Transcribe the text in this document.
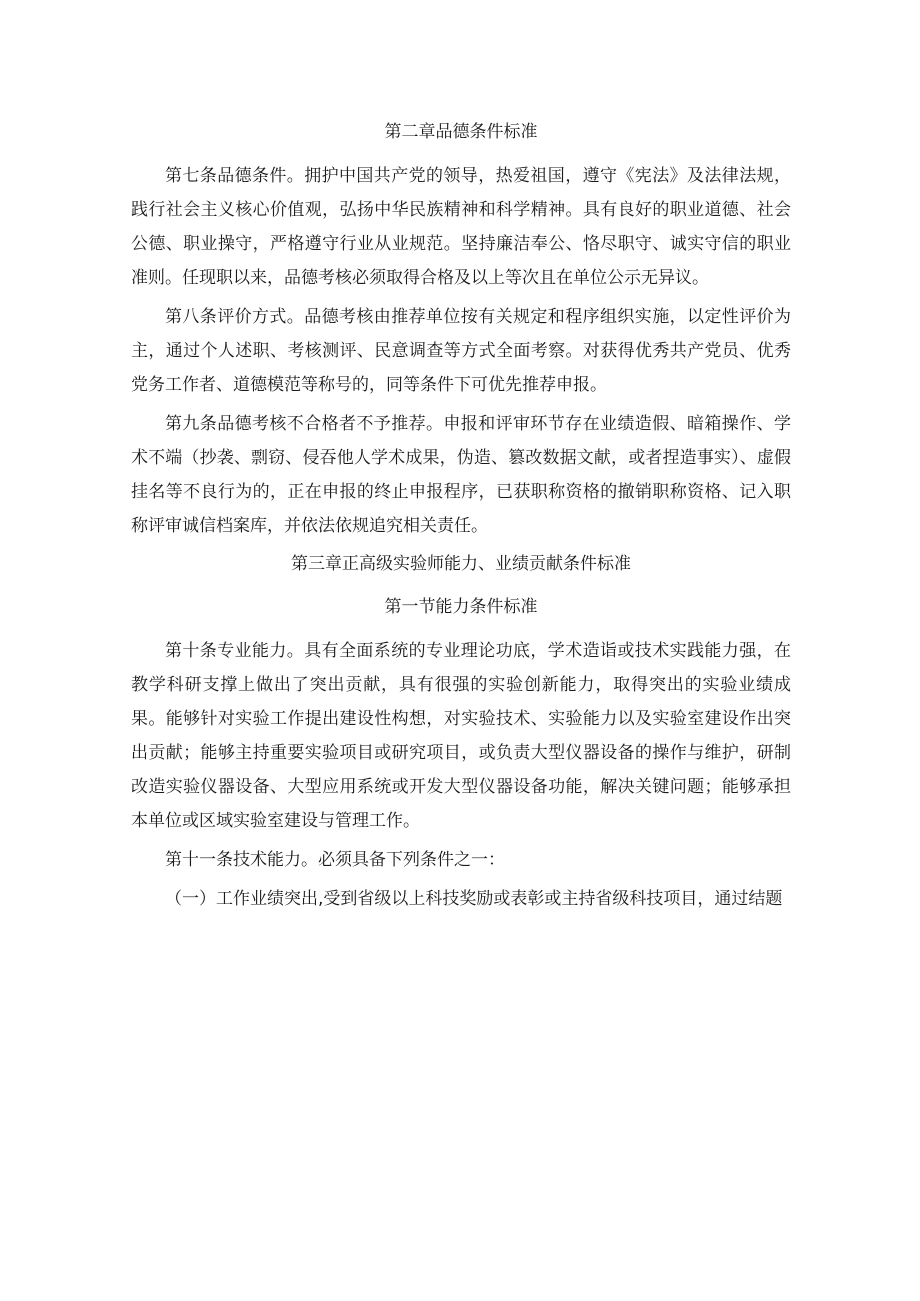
第二章品德条件标准

第七条品德条件。拥护中国共产党的领导，热爱祖国，遵守《宪法》及法律法规，践行社会主义核心价值观，弘扬中华民族精神和科学精神。具有良好的职业道德、社会公德、职业操守，严格遵守行业从业规范。坚持廉洁奉公、恪尽职守、诚实守信的职业准则。任现职以来，品德考核必须取得合格及以上等次且在单位公示无异议。

第八条评价方式。品德考核由推荐单位按有关规定和程序组织实施，以定性评价为主，通过个人述职、考核测评、民意调查等方式全面考察。对获得优秀共产党员、优秀党务工作者、道德模范等称号的，同等条件下可优先推荐申报。

第九条品德考核不合格者不予推荐。申报和评审环节存在业绩造假、暗箱操作、学术不端（抄袭、剽窃、侵吞他人学术成果，伪造、篡改数据文献，或者捏造事实）、虚假挂名等不良行为的，正在申报的终止申报程序，已获职称资格的撤销职称资格、记入职称评审诚信档案库，并依法依规追究相关责任。

第三章正高级实验师能力、业绩贡献条件标准
第一节能力条件标准

第十条专业能力。具有全面系统的专业理论功底，学术造诣或技术实践能力强，在教学科研支撑上做出了突出贡献，具有很强的实验创新能力，取得突出的实验业绩成果。能够针对实验工作提出建设性构想，对实验技术、实验能力以及实验室建设作出突出贡献；能够主持重要实验项目或研究项目，或负责大型仪器设备的操作与维护，研制改造实验仪器设备、大型应用系统或开发大型仪器设备功能，解决关键问题；能够承担本单位或区域实验室建设与管理工作。

第十一条技术能力。必须具备下列条件之一：

（一）工作业绩突出,受到省级以上科技奖励或表彰或主持省级科技项目，通过结题
